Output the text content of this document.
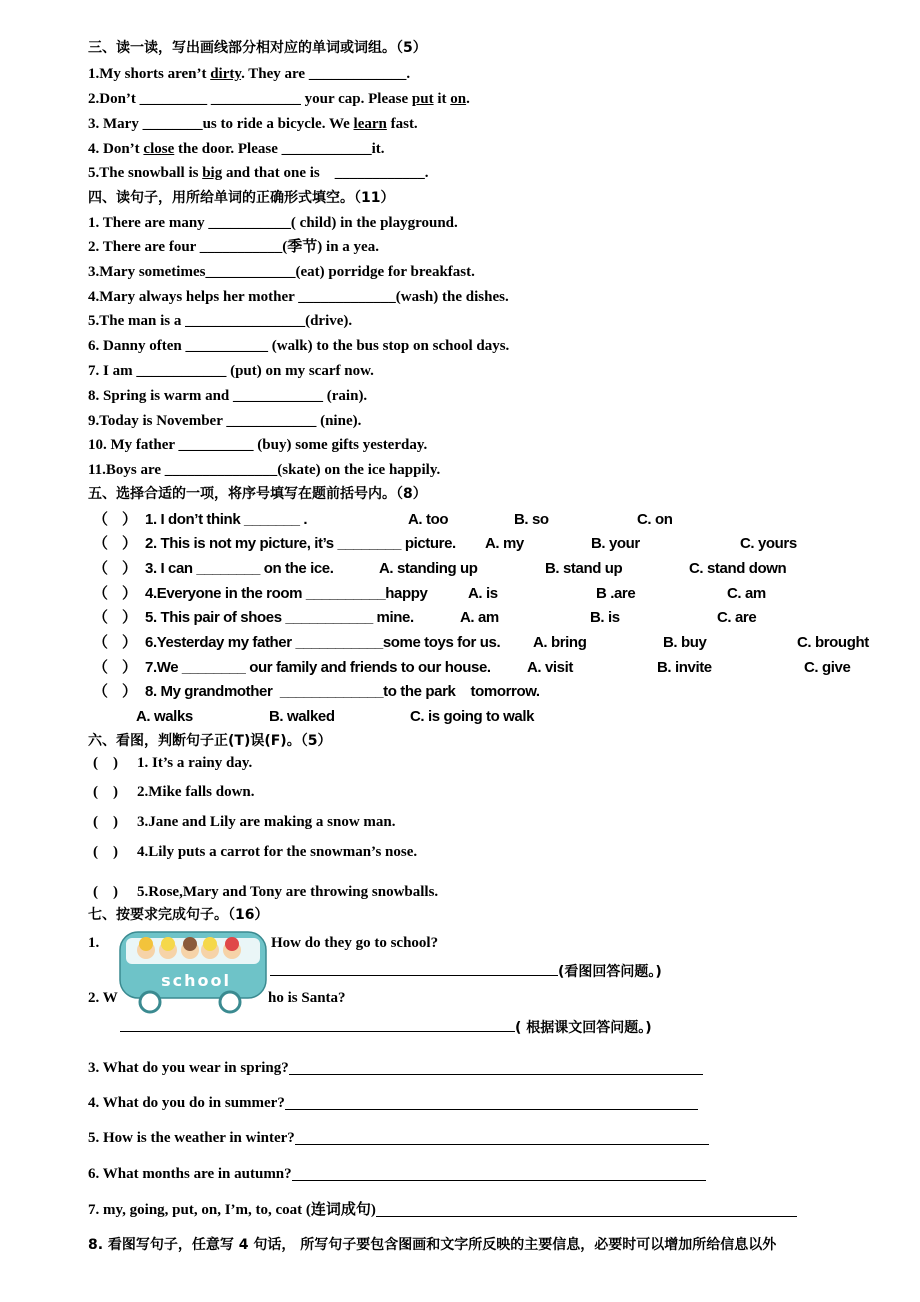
三、读一读，写出画线部分相对应的单词或词组。（5）
1.My shorts aren’t dirty. They are _____________.
2.Don’t _________ ____________ your cap. Please put it on.
3. Mary ________us to ride a bicycle. We learn fast.
4. Don’t close the door. Please ____________it.
5.The snowball is big and that one is    ____________.
四、读句子，用所给单词的正确形式填空。（11）
1. There are many ___________( child) in the playground.
2. There are four ___________(季节) in a yea.
3.Mary sometimes____________(eat) porridge for breakfast.
4.Mary always helps her mother _____________(wash) the dishes.
5.The man is a ________________(drive).
6. Danny often ___________ (walk) to the bus stop on school days.
7. I am ____________ (put) on my scarf now.
8. Spring is warm and ____________ (rain).
9.Today is November ____________ (nine).
10. My father __________ (buy) some gifts yesterday.
11.Boys are _______________(skate) on the ice happily.
五、选择合适的一项，将序号填写在题前括号内。（8）
（ ） 1. I don’t think _______ .	A. too	B. so	C. on
（ ） 2. This is not my picture, it’s ________ picture. A. my	B. your	C. yours
（ ） 3. I can ________ on the ice.	A. standing up	B. stand up	C. stand down
（ ） 4.Everyone in the room __________happy	A. is	B .are	C. am
（ ） 5. This pair of shoes ___________ mine.	A. am	B. is	C. are
（ ） 6.Yesterday my father ___________some toys for us. A. bring	B. buy	C. brought
（ ） 7.We ________ our family and friends to our house. A. visit	B. invite	C. give
（ ） 8. My grandmother  _____________to the park    tomorrow.
A. walks	B. walked	C. is going to walk
六、看图，判断句子正(T)误(F)。（5）
(    ) 1. It’s a rainy day.
(    ) 2.Mike falls down.
(    ) 3.Jane and Lily are making a snow man.
(    ) 4.Lily puts a carrot for the snowman’s nose.
(    ) 5.Rose,Mary and Tony are throwing snowballs.
七、按要求完成句子。（16）
1.	How do they go to school?
(看图回答问题。)
2. W	ho is Santa?
( 根据课文回答问题。)
school
3. What do you wear in spring?
4. What do you do in summer?
5. How is the weather in winter?
6. What months are in autumn?
7. my, going, put, on, I’m, to, coat (连词成句)
8. 看图写句子，任意写 4 句话， 所写句子要包含图画和文字所反映的主要信息，必要时可以增加所给信息以外
